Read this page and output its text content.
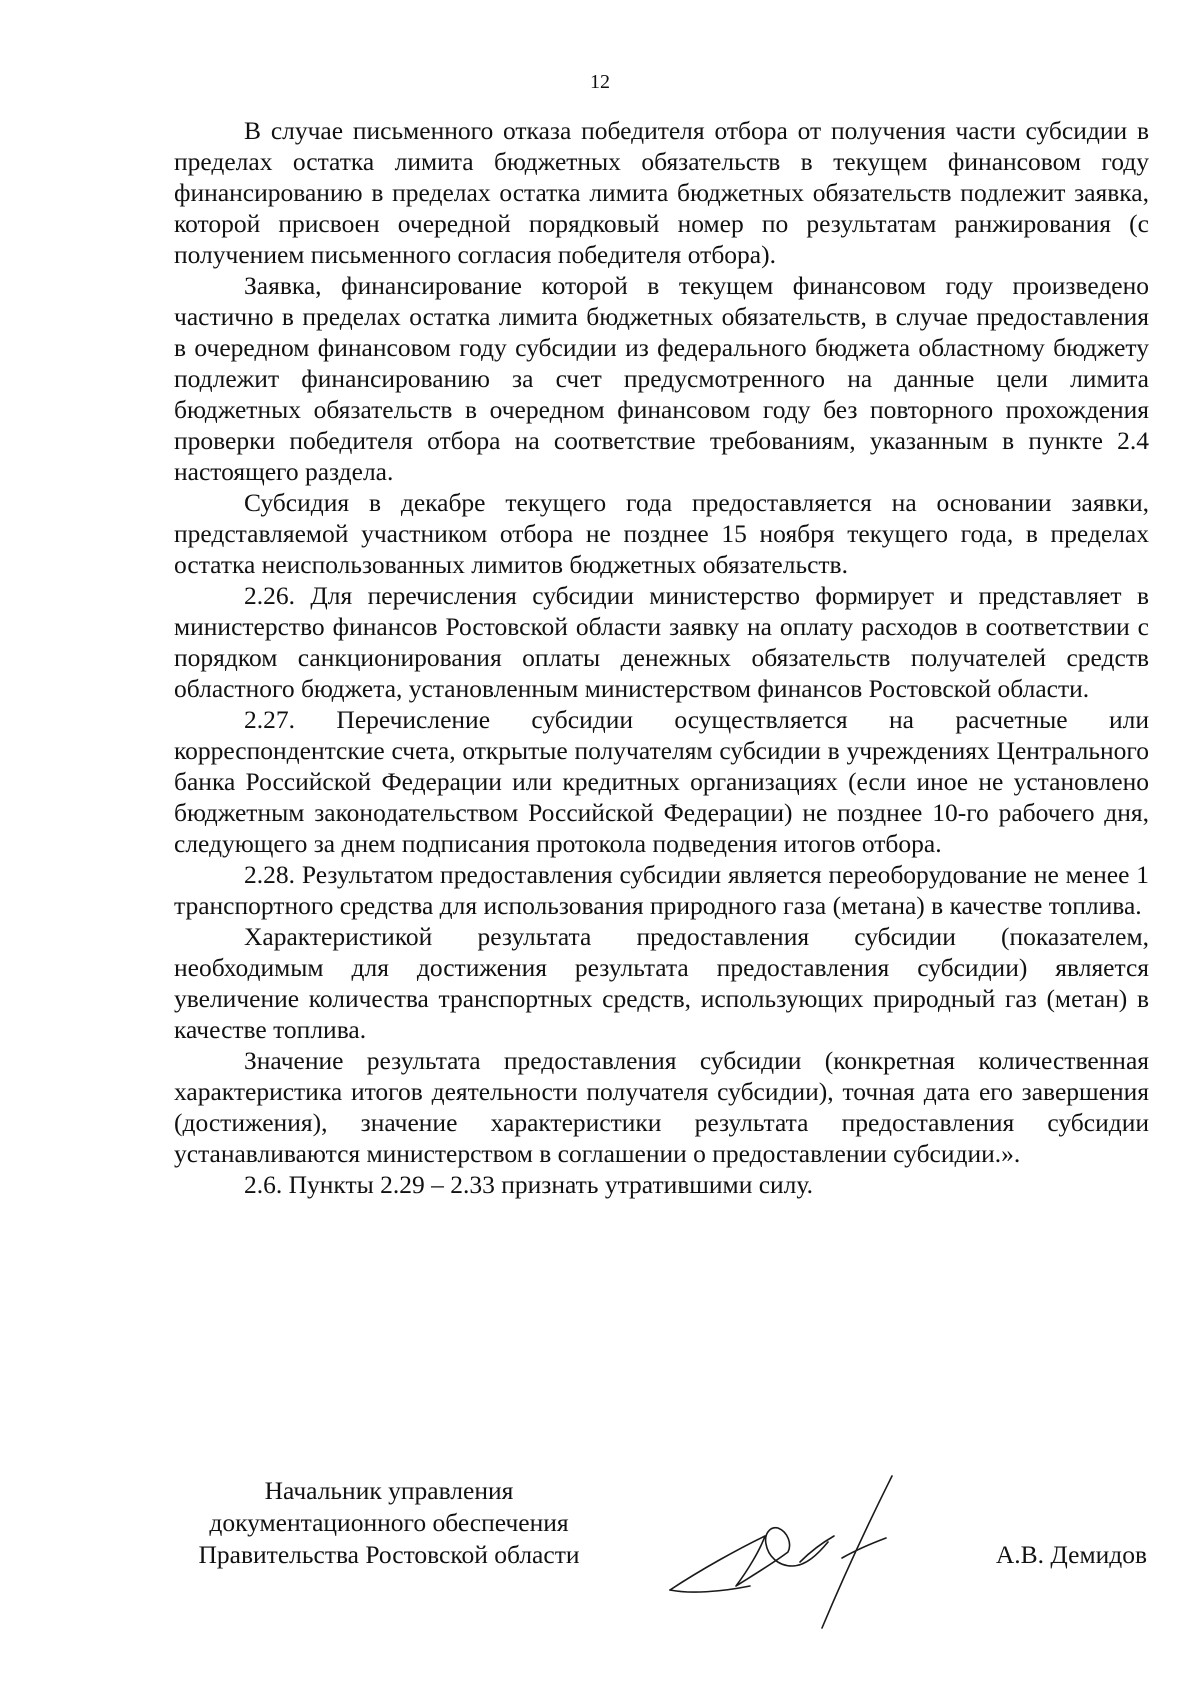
12

В случае письменного отказа победителя отбора от получения части субсидии в пределах остатка лимита бюджетных обязательств в текущем финансовом году финансированию в пределах остатка лимита бюджетных обязательств подлежит заявка, которой присвоен очередной порядковый номер по результатам ранжирования (с получением письменного согласия победителя отбора).

Заявка, финансирование которой в текущем финансовом году произведено частично в пределах остатка лимита бюджетных обязательств, в случае предоставления в очередном финансовом году субсидии из федерального бюджета областному бюджету подлежит финансированию за счет предусмотренного на данные цели лимита бюджетных обязательств в очередном финансовом году без повторного прохождения проверки победителя отбора на соответствие требованиям, указанным в пункте 2.4 настоящего раздела.

Субсидия в декабре текущего года предоставляется на основании заявки, представляемой участником отбора не позднее 15 ноября текущего года, в пределах остатка неиспользованных лимитов бюджетных обязательств.

2.26. Для перечисления субсидии министерство формирует и представляет в министерство финансов Ростовской области заявку на оплату расходов в соответствии с порядком санкционирования оплаты денежных обязательств получателей средств областного бюджета, установленным министерством финансов Ростовской области.

2.27. Перечисление субсидии осуществляется на расчетные или корреспондентские счета, открытые получателям субсидии в учреждениях Центрального банка Российской Федерации или кредитных организациях (если иное не установлено бюджетным законодательством Российской Федерации) не позднее 10-го рабочего дня, следующего за днем подписания протокола подведения итогов отбора.

2.28. Результатом предоставления субсидии является переоборудование не менее 1 транспортного средства для использования природного газа (метана) в качестве топлива.

Характеристикой результата предоставления субсидии (показателем, необходимым для достижения результата предоставления субсидии) является увеличение количества транспортных средств, использующих природный газ (метан) в качестве топлива.

Значение результата предоставления субсидии (конкретная количественная характеристика итогов деятельности получателя субсидии), точная дата его завершения (достижения), значение характеристики результата предоставления субсидии устанавливаются министерством в соглашении о предоставлении субсидии.».

2.6. Пункты 2.29 – 2.33 признать утратившими силу.

Начальник управления
документационного обеспечения
Правительства Ростовской области	А.В. Демидов
